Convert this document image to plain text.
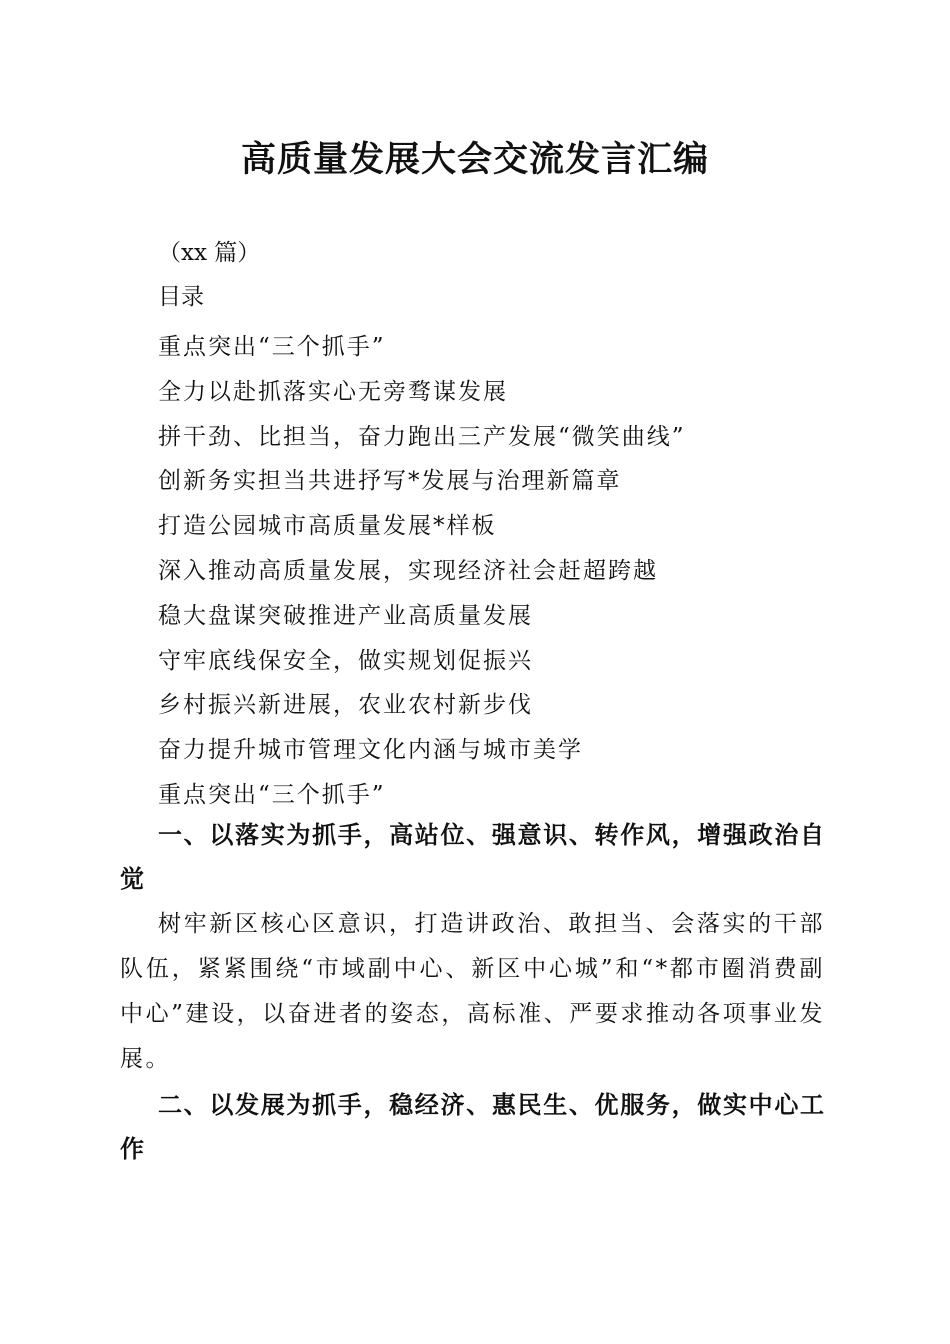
高质量发展大会交流发言汇编
（xx 篇）
目录
重点突出“三个抓手”
全力以赴抓落实心无旁骛谋发展
拼干劲、比担当，奋力跑出三产发展“微笑曲线”
创新务实担当共进抒写*发展与治理新篇章
打造公园城市高质量发展*样板
深入推动高质量发展，实现经济社会赶超跨越
稳大盘谋突破推进产业高质量发展
守牢底线保安全，做实规划促振兴
乡村振兴新进展，农业农村新步伐
奋力提升城市管理文化内涵与城市美学
重点突出“三个抓手”
一、以落实为抓手，高站位、强意识、转作风，增强政治自觉
树牢新区核心区意识，打造讲政治、敢担当、会落实的干部队伍，紧紧围绕“市域副中心、新区中心城”和“*都市圈消费副中心”建设，以奋进者的姿态，高标准、严要求推动各项事业发展。
二、以发展为抓手，稳经济、惠民生、优服务，做实中心工作
